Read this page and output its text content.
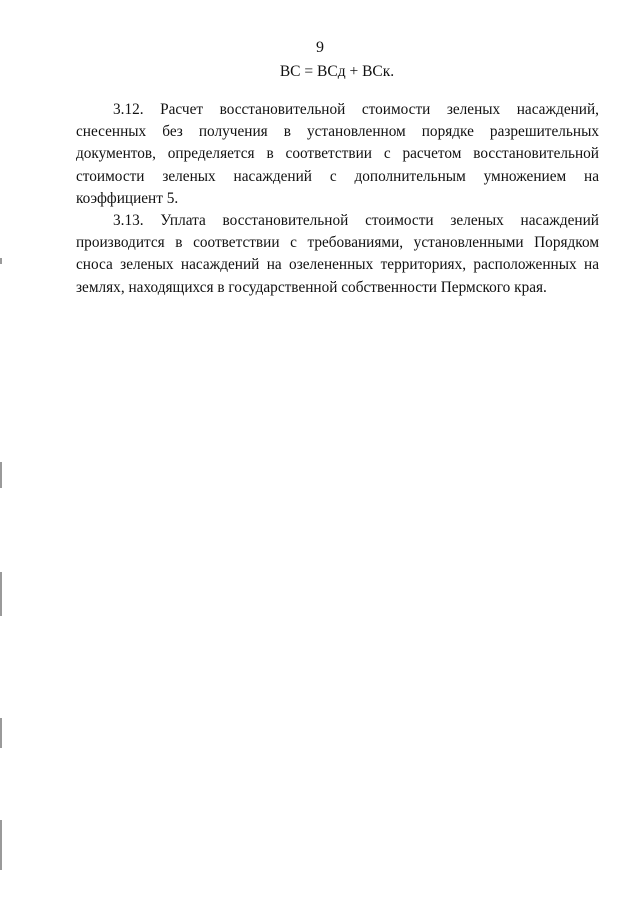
9
ВС = ВСд + ВСк.

3.12. Расчет восстановительной стоимости зеленых насаждений, снесенных без получения в установленном порядке разрешительных документов, определяется в соответствии с расчетом восстановительной стоимости зеленых насаждений с дополнительным умножением на коэффициент 5.

3.13. Уплата восстановительной стоимости зеленых насаждений производится в соответствии с требованиями, установленными Порядком сноса зеленых насаждений на озелененных территориях, расположенных на землях, находящихся в государственной собственности Пермского края.
